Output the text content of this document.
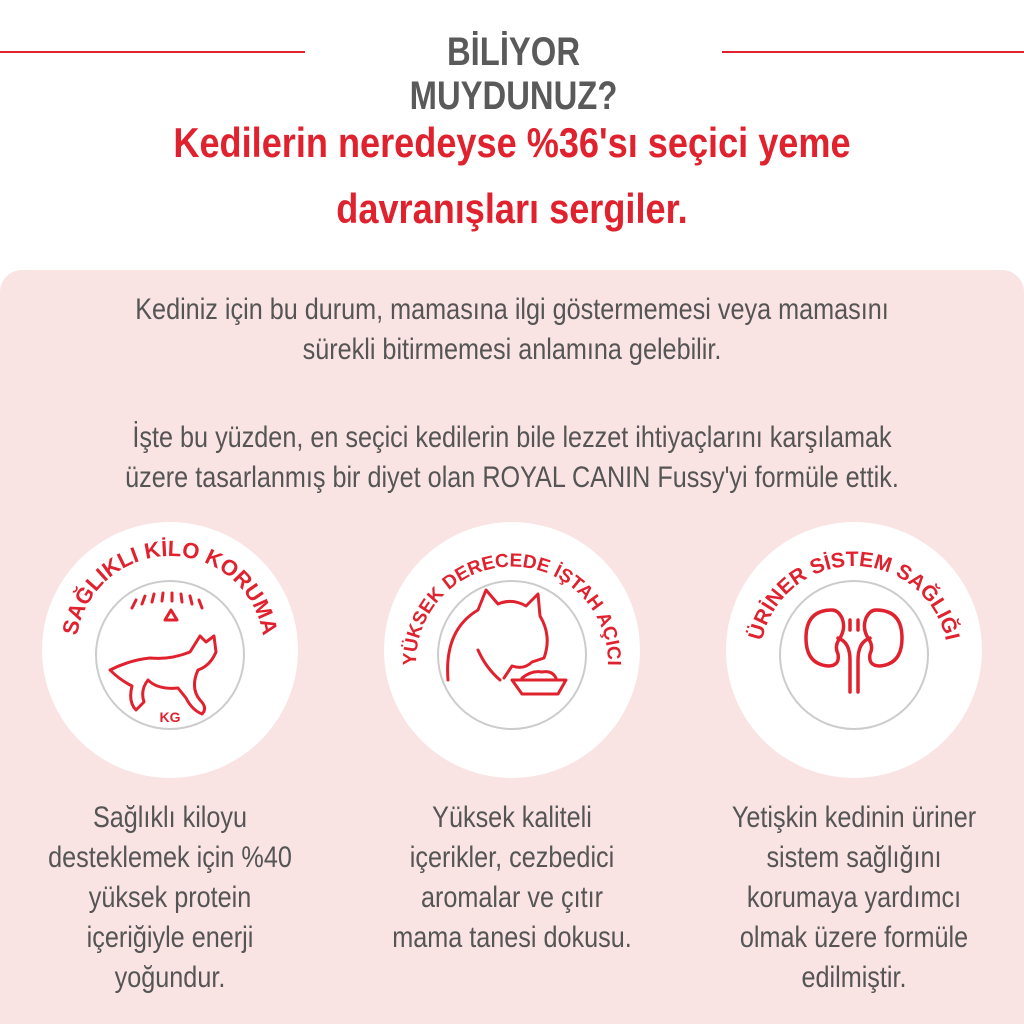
BİLİYOR MUYDUNUZ?
Kedilerin neredeyse %36'sı seçici yeme
davranışları sergiler.
Kediniz için bu durum, mamasına ilgi göstermemesi veya mamasını
sürekli bitirmemesi anlamına gelebilir.
İşte bu yüzden, en seçici kedilerin bile lezzet ihtiyaçlarını karşılamak
üzere tasarlanmış bir diyet olan ROYAL CANIN Fussy'yi formüle ettik.
SAĞLIKLI KİLO KORUMA
KG
YÜKSEK DERECEDE İŞTAH AÇICI
ÜRİNER SİSTEM SAĞLIĞI
Sağlıklı kiloyu
desteklemek için %40
yüksek protein
içeriğiyle enerji
yoğundur.
Yüksek kaliteli
içerikler, cezbedici
aromalar ve çıtır
mama tanesi dokusu.
Yetişkin kedinin üriner
sistem sağlığını
korumaya yardımcı
olmak üzere formüle
edilmiştir.
